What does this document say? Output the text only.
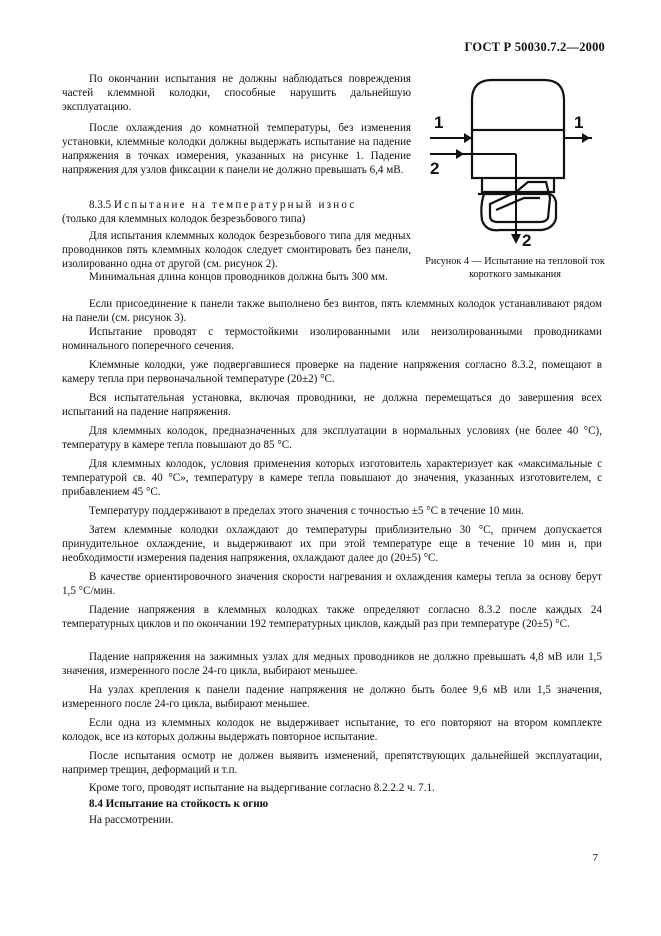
ГОСТ Р 50030.7.2—2000

По окончании испытания не должны наблюдаться повреждения частей клеммной колодки, способные нарушить дальнейшую эксплуатацию.

После охлаждения до комнатной температуры, без изменения установки, клеммные колодки должны выдержать испытание на падение напряжения в точках измерения, указанных на рисунке 1. Падение напряжения для узлов фиксации к панели не должно превышать 6,4 мВ.

8.3.5 Испытание на температурный износ
(только для клеммных колодок безрезьбового типа)

Для испытания клеммных колодок безрезьбового типа для медных проводников пять клеммных колодок следует смонтировать без панели, изолированно одна от другой (см. рисунок 2).

Минимальная длина концов проводников должна быть 300 мм.

Если присоединение к панели также выполнено без винтов, пять клеммных колодок устанавливают рядом на панели (см. рисунок 3).

Испытание проводят с термостойкими изолированными или неизолированными проводниками номинального поперечного сечения.

Клеммные колодки, уже подвергавшиеся проверке на падение напряжения согласно 8.3.2, помещают в камеру тепла при первоначальной температуре (20±2) °С.

Вся испытательная установка, включая проводники, не должна перемещаться до завершения всех испытаний на падение напряжения.

Для клеммных колодок, предназначенных для эксплуатации в нормальных условиях (не более 40 °С), температуру в камере тепла повышают до 85 °С.

Для клеммных колодок, условия применения которых изготовитель характеризует как «максимальные с температурой св. 40 °С», температуру в камере тепла повышают до значения, указанных изготовителем, с прибавлением 45 °С.

Температуру поддерживают в пределах этого значения с точностью ±5 °С в течение 10 мин.

Затем клеммные колодки охлаждают до температуры приблизительно 30 °С, причем допускается принудительное охлаждение, и выдерживают их при этой температуре еще в течение 10 мин и, при необходимости измерения падения напряжения, охлаждают далее до (20±5) °С.

В качестве ориентировочного значения скорости нагревания и охлаждения камеры тепла за основу берут 1,5 °С/мин.

Падение напряжения в клеммных колодках также определяют согласно 8.3.2 после каждых 24 температурных циклов и по окончании 192 температурных циклов, каждый раз при температуре (20±5) °С.

Падение напряжения на зажимных узлах для медных проводников не должно превышать 4,8 мВ или 1,5 значения, измеренного после 24-го цикла, выбирают меньшее.

На узлах крепления к панели падение напряжения не должно быть более 9,6 мВ или 1,5 значения, измеренного после 24-го цикла, выбирают меньшее.

Если одна из клеммных колодок не выдерживает испытание, то его повторяют на втором комплекте колодок, все из которых должны выдержать повторное испытание.

После испытания осмотр не должен выявить изменений, препятствующих дальнейшей эксплуатации, например трещин, деформаций и т.п.

Кроме того, проводят испытание на выдергивание согласно 8.2.2.2 ч. 7.1.

8.4 Испытание на стойкость к огню

На рассмотрении.

1	1
2
2
Рисунок 4 — Испытание на тепловой ток короткого замыкания
7
